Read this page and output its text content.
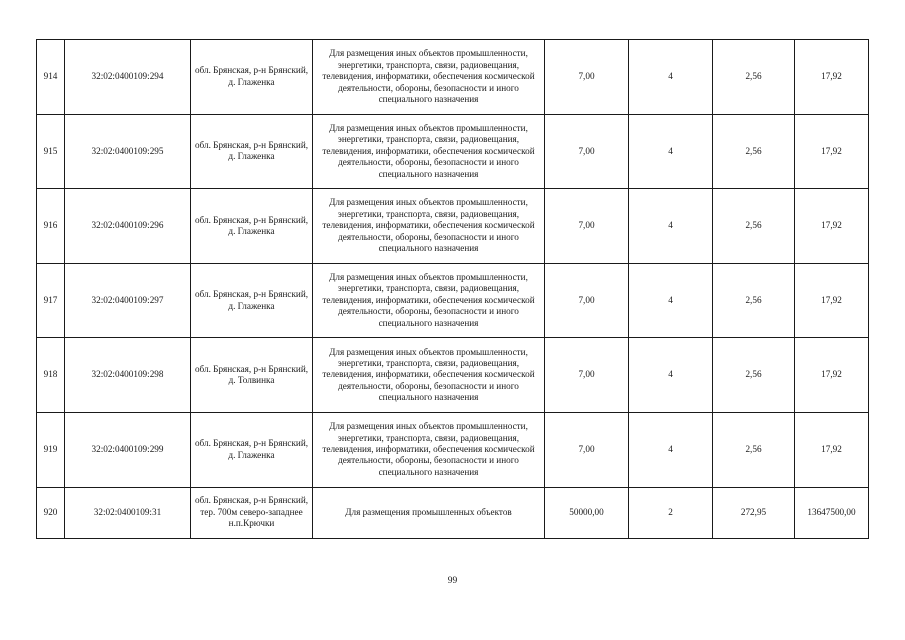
914	32:02:0400109:294	обл. Брянская, р-н Брянский, д. Глаженка	Для размещения иных объектов промышленности, энергетики, транспорта, связи, радиовещания, телевидения, информатики, обеспечения космической деятельности, обороны, безопасности и иного специального назначения	7,00	4	2,56	17,92
915	32:02:0400109:295	обл. Брянская, р-н Брянский, д. Глаженка	Для размещения иных объектов промышленности, энергетики, транспорта, связи, радиовещания, телевидения, информатики, обеспечения космической деятельности, обороны, безопасности и иного специального назначения	7,00	4	2,56	17,92
916	32:02:0400109:296	обл. Брянская, р-н Брянский, д. Глаженка	Для размещения иных объектов промышленности, энергетики, транспорта, связи, радиовещания, телевидения, информатики, обеспечения космической деятельности, обороны, безопасности и иного специального назначения	7,00	4	2,56	17,92
917	32:02:0400109:297	обл. Брянская, р-н Брянский, д. Глаженка	Для размещения иных объектов промышленности, энергетики, транспорта, связи, радиовещания, телевидения, информатики, обеспечения космической деятельности, обороны, безопасности и иного специального назначения	7,00	4	2,56	17,92
918	32:02:0400109:298	обл. Брянская, р-н Брянский, д. Толвинка	Для размещения иных объектов промышленности, энергетики, транспорта, связи, радиовещания, телевидения, информатики, обеспечения космической деятельности, обороны, безопасности и иного специального назначения	7,00	4	2,56	17,92
919	32:02:0400109:299	обл. Брянская, р-н Брянский, д. Глаженка	Для размещения иных объектов промышленности, энергетики, транспорта, связи, радиовещания, телевидения, информатики, обеспечения космической деятельности, обороны, безопасности и иного специального назначения	7,00	4	2,56	17,92
920	32:02:0400109:31	обл. Брянская, р-н Брянский, тер. 700м северо-западнее н.п.Крючки	Для размещения промышленных объектов	50000,00	2	272,95	13647500,00
99
